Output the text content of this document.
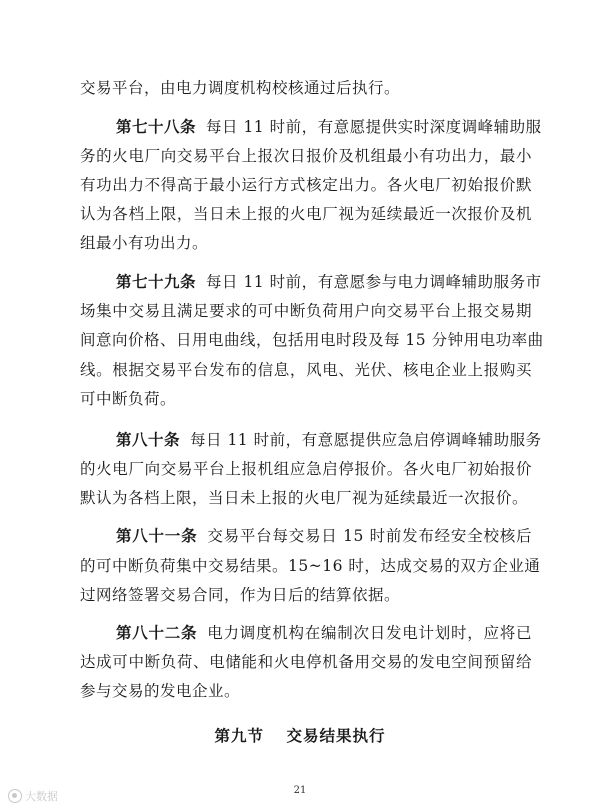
交易平台，由电力调度机构校核通过后执行。
第七十八条 每日 11 时前，有意愿提供实时深度调峰辅助服
务的火电厂向交易平台上报次日报价及机组最小有功出力，最小
有功出力不得高于最小运行方式核定出力。各火电厂初始报价默
认为各档上限，当日未上报的火电厂视为延续最近一次报价及机
组最小有功出力。
第七十九条 每日 11 时前，有意愿参与电力调峰辅助服务市
场集中交易且满足要求的可中断负荷用户向交易平台上报交易期
间意向价格、日用电曲线，包括用电时段及每 15 分钟用电功率曲
线。根据交易平台发布的信息，风电、光伏、核电企业上报购买
可中断负荷。
第八十条 每日 11 时前，有意愿提供应急启停调峰辅助服务
的火电厂向交易平台上报机组应急启停报价。各火电厂初始报价
默认为各档上限，当日未上报的火电厂视为延续最近一次报价。
第八十一条 交易平台每交易日 15 时前发布经安全校核后
的可中断负荷集中交易结果。15~16 时，达成交易的双方企业通
过网络签署交易合同，作为日后的结算依据。
第八十二条 电力调度机构在编制次日发电计划时，应将已
达成可中断负荷、电储能和火电停机备用交易的发电空间预留给
参与交易的发电企业。
第九节 交易结果执行
21
大数据
